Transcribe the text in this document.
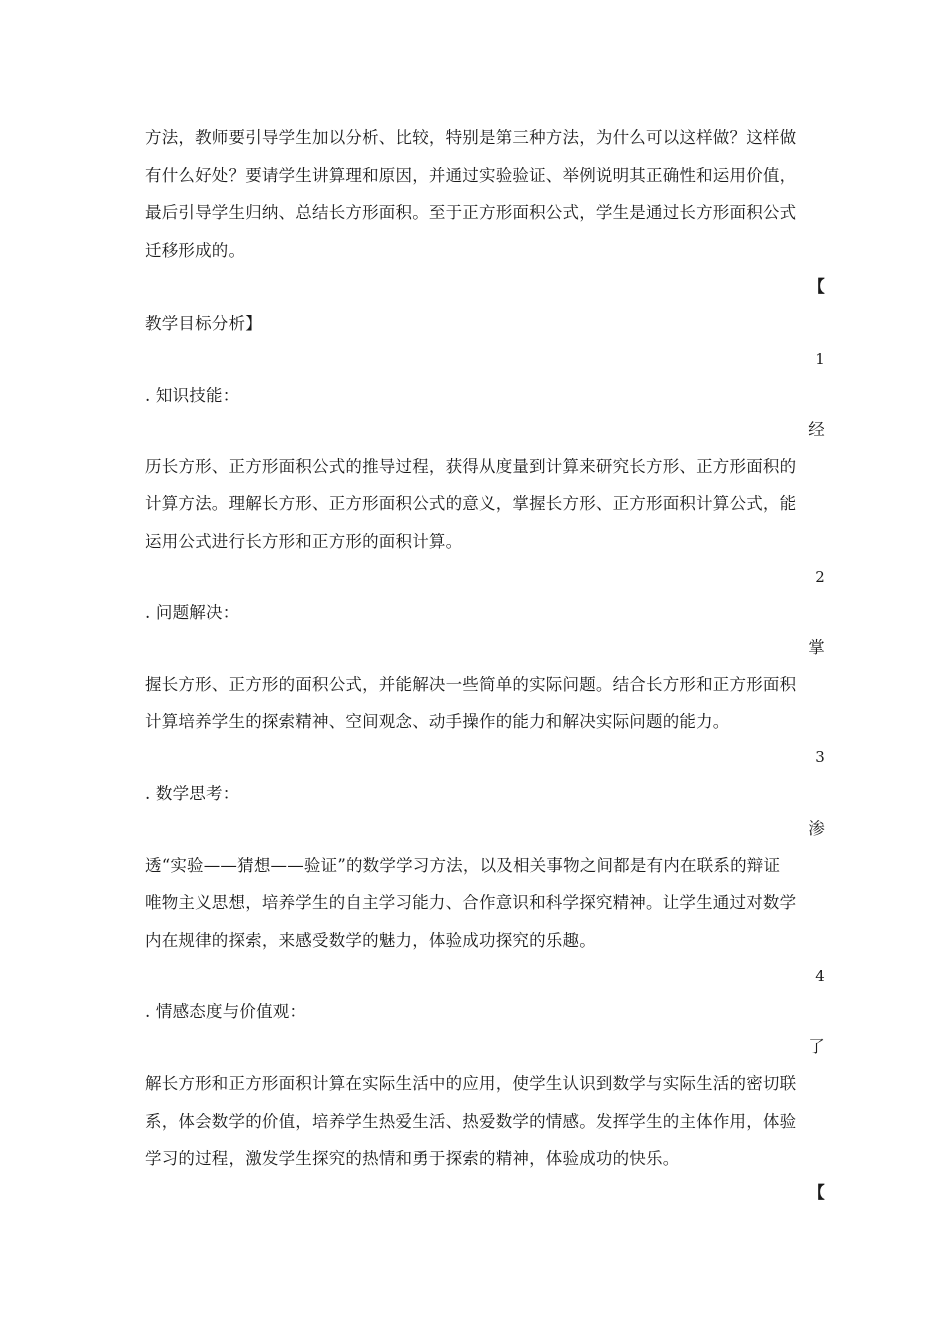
方法，教师要引导学生加以分析、比较，特别是第三种方法，为什么可以这样做？这样做
有什么好处？要请学生讲算理和原因，并通过实验验证、举例说明其正确性和运用价值，
最后引导学生归纳、总结长方形面积。至于正方形面积公式，学生是通过长方形面积公式
迁移形成的。
【
教学目标分析】
1
. 知识技能：
经
历长方形、正方形面积公式的推导过程，获得从度量到计算来研究长方形、正方形面积的
计算方法。理解长方形、正方形面积公式的意义，掌握长方形、正方形面积计算公式，能
运用公式进行长方形和正方形的面积计算。
2
. 问题解决：
掌
握长方形、正方形的面积公式，并能解决一些简单的实际问题。结合长方形和正方形面积
计算培养学生的探索精神、空间观念、动手操作的能力和解决实际问题的能力。
3
. 数学思考：
渗
透“实验——猜想——验证”的数学学习方法，以及相关事物之间都是有内在联系的辩证
唯物主义思想，培养学生的自主学习能力、合作意识和科学探究精神。让学生通过对数学
内在规律的探索，来感受数学的魅力，体验成功探究的乐趣。
4
. 情感态度与价值观：
了
解长方形和正方形面积计算在实际生活中的应用，使学生认识到数学与实际生活的密切联
系，体会数学的价值，培养学生热爱生活、热爱数学的情感。发挥学生的主体作用，体验
学习的过程，激发学生探究的热情和勇于探索的精神，体验成功的快乐。
【
